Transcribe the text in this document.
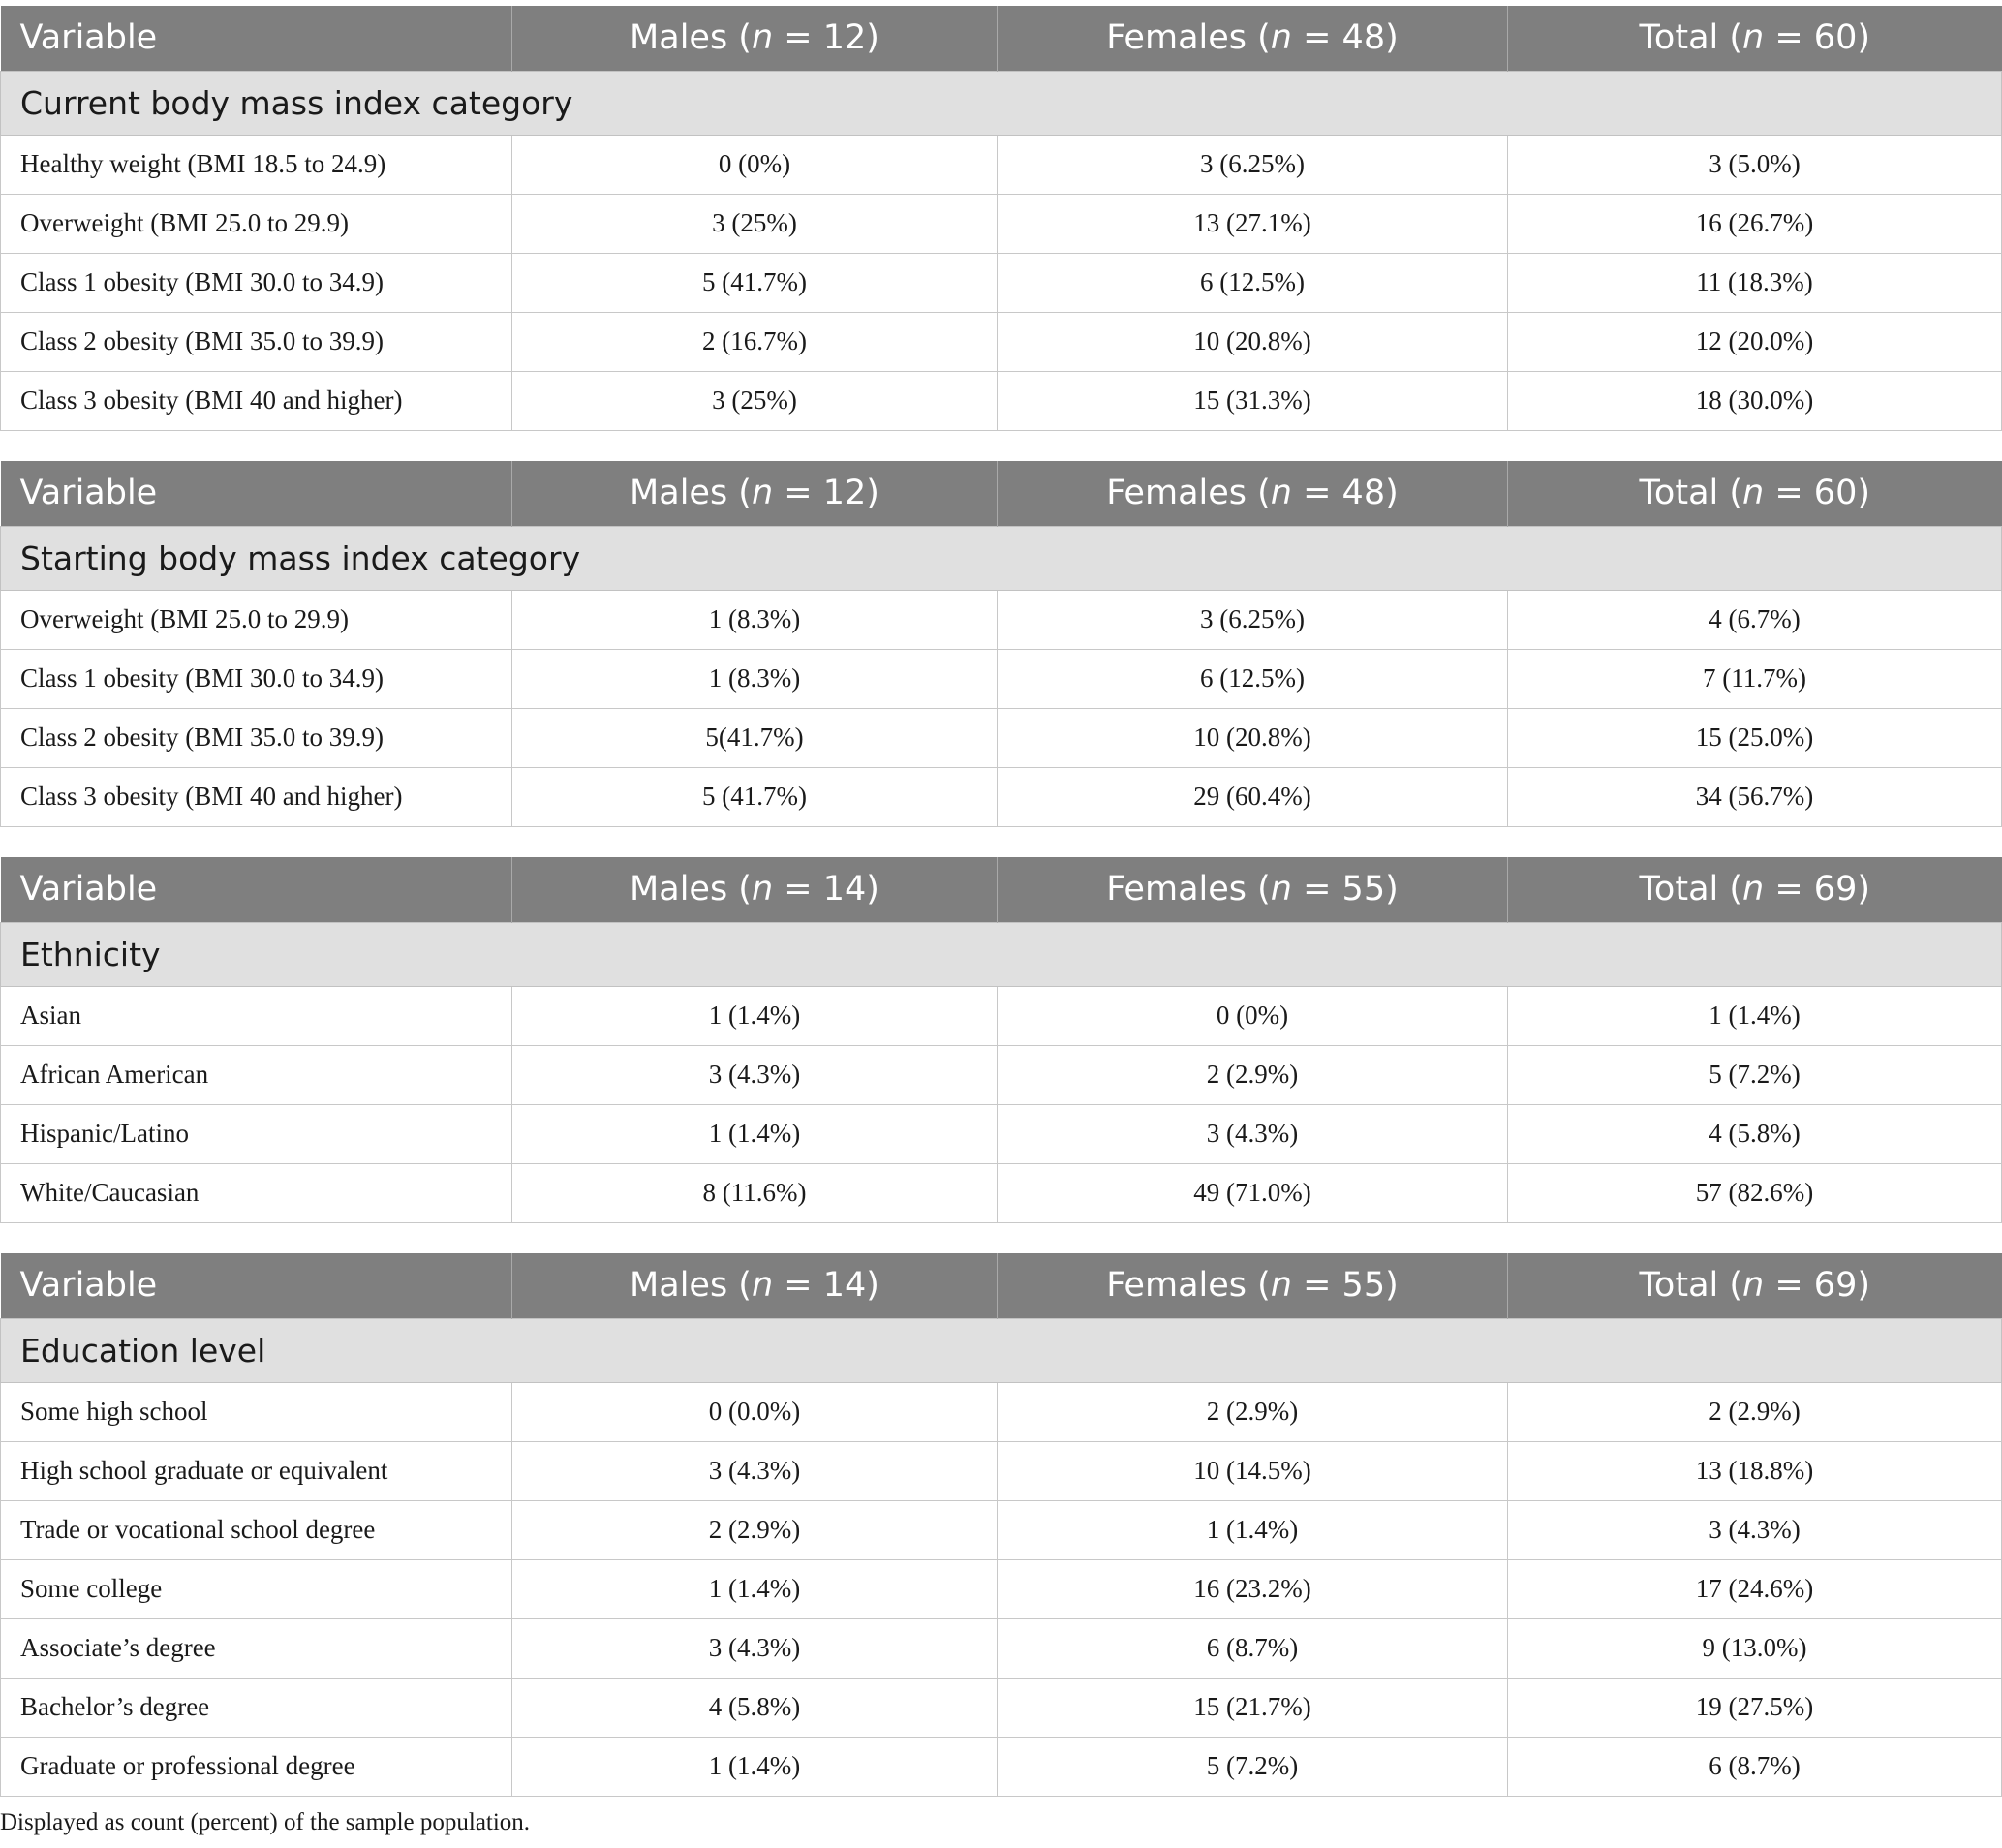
Variable	Males (n = 12)	Females (n = 48)	Total (n = 60)
Current body mass index category			
Healthy weight (BMI 18.5 to 24.9)	0 (0%)	3 (6.25%)	3 (5.0%)
Overweight (BMI 25.0 to 29.9)	3 (25%)	13 (27.1%)	16 (26.7%)
Class 1 obesity (BMI 30.0 to 34.9)	5 (41.7%)	6 (12.5%)	11 (18.3%)
Class 2 obesity (BMI 35.0 to 39.9)	2 (16.7%)	10 (20.8%)	12 (20.0%)
Class 3 obesity (BMI 40 and higher)	3 (25%)	15 (31.3%)	18 (30.0%)
Variable	Males (n = 12)	Females (n = 48)	Total (n = 60)
Starting body mass index category			
Overweight (BMI 25.0 to 29.9)	1 (8.3%)	3 (6.25%)	4 (6.7%)
Class 1 obesity (BMI 30.0 to 34.9)	1 (8.3%)	6 (12.5%)	7 (11.7%)
Class 2 obesity (BMI 35.0 to 39.9)	5(41.7%)	10 (20.8%)	15 (25.0%)
Class 3 obesity (BMI 40 and higher)	5 (41.7%)	29 (60.4%)	34 (56.7%)
Variable	Males (n = 14)	Females (n = 55)	Total (n = 69)
Ethnicity			
Asian	1 (1.4%)	0 (0%)	1 (1.4%)
African American	3 (4.3%)	2 (2.9%)	5 (7.2%)
Hispanic/Latino	1 (1.4%)	3 (4.3%)	4 (5.8%)
White/Caucasian	8 (11.6%)	49 (71.0%)	57 (82.6%)
Variable	Males (n = 14)	Females (n = 55)	Total (n = 69)
Education level			
Some high school	0 (0.0%)	2 (2.9%)	2 (2.9%)
High school graduate or equivalent	3 (4.3%)	10 (14.5%)	13 (18.8%)
Trade or vocational school degree	2 (2.9%)	1 (1.4%)	3 (4.3%)
Some college	1 (1.4%)	16 (23.2%)	17 (24.6%)
Associate’s degree	3 (4.3%)	6 (8.7%)	9 (13.0%)
Bachelor’s degree	4 (5.8%)	15 (21.7%)	19 (27.5%)
Graduate or professional degree	1 (1.4%)	5 (7.2%)	6 (8.7%)

Displayed as count (percent) of the sample population.
